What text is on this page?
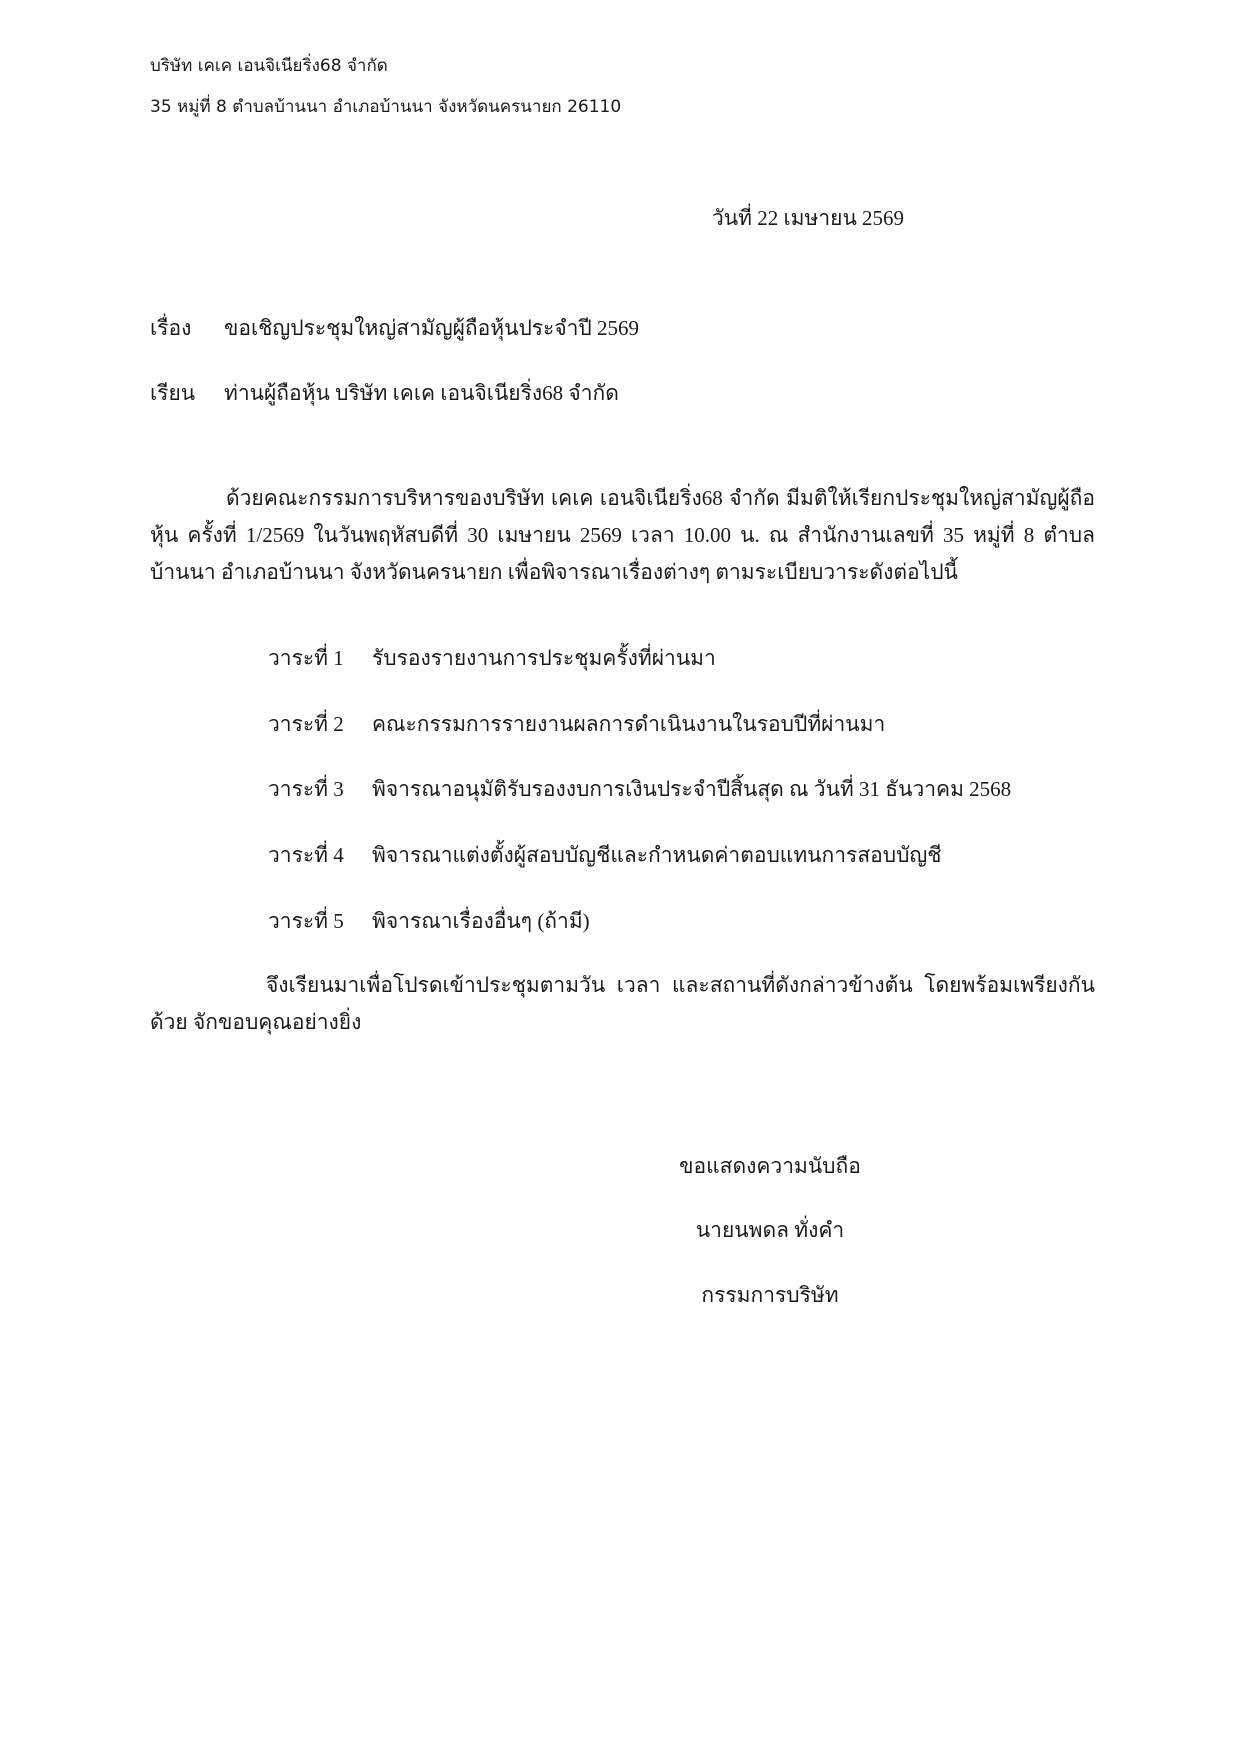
บริษัท เคเค เอนจิเนียริ่ง68 จำกัด
35 หมู่ที่ 8 ตำบลบ้านนา อำเภอบ้านนา จังหวัดนครนายก 26110
วันที่ 22 เมษายน 2569
เรื่อง ขอเชิญประชุมใหญ่สามัญผู้ถือหุ้นประจำปี 2569
เรียน ท่านผู้ถือหุ้น บริษัท เคเค เอนจิเนียริ่ง68 จำกัด
ด้วยคณะกรรมการบริหารของบริษัท เคเค เอนจิเนียริ่ง68 จำกัด มีมติให้เรียกประชุมใหญ่สามัญผู้ถือหุ้น ครั้งที่ 1/2569 ในวันพฤหัสบดีที่ 30 เมษายน 2569 เวลา 10.00 น. ณ สำนักงานเลขที่ 35 หมู่ที่ 8 ตำบลบ้านนา อำเภอบ้านนา จังหวัดนครนายก เพื่อพิจารณาเรื่องต่างๆ ตามระเบียบวาระดังต่อไปนี้
วาระที่ 1 รับรองรายงานการประชุมครั้งที่ผ่านมา
วาระที่ 2 คณะกรรมการรายงานผลการดำเนินงานในรอบปีที่ผ่านมา
วาระที่ 3 พิจารณาอนุมัติรับรองงบการเงินประจำปีสิ้นสุด ณ วันที่ 31 ธันวาคม 2568
วาระที่ 4 พิจารณาแต่งตั้งผู้สอบบัญชีและกำหนดค่าตอบแทนการสอบบัญชี
วาระที่ 5 พิจารณาเรื่องอื่นๆ (ถ้ามี)
จึงเรียนมาเพื่อโปรดเข้าประชุมตามวัน เวลา และสถานที่ดังกล่าวข้างต้น โดยพร้อมเพรียงกันด้วย จักขอบคุณอย่างยิ่ง
ขอแสดงความนับถือ
นายนพดล ทั่งคำ
กรรมการบริษัท
